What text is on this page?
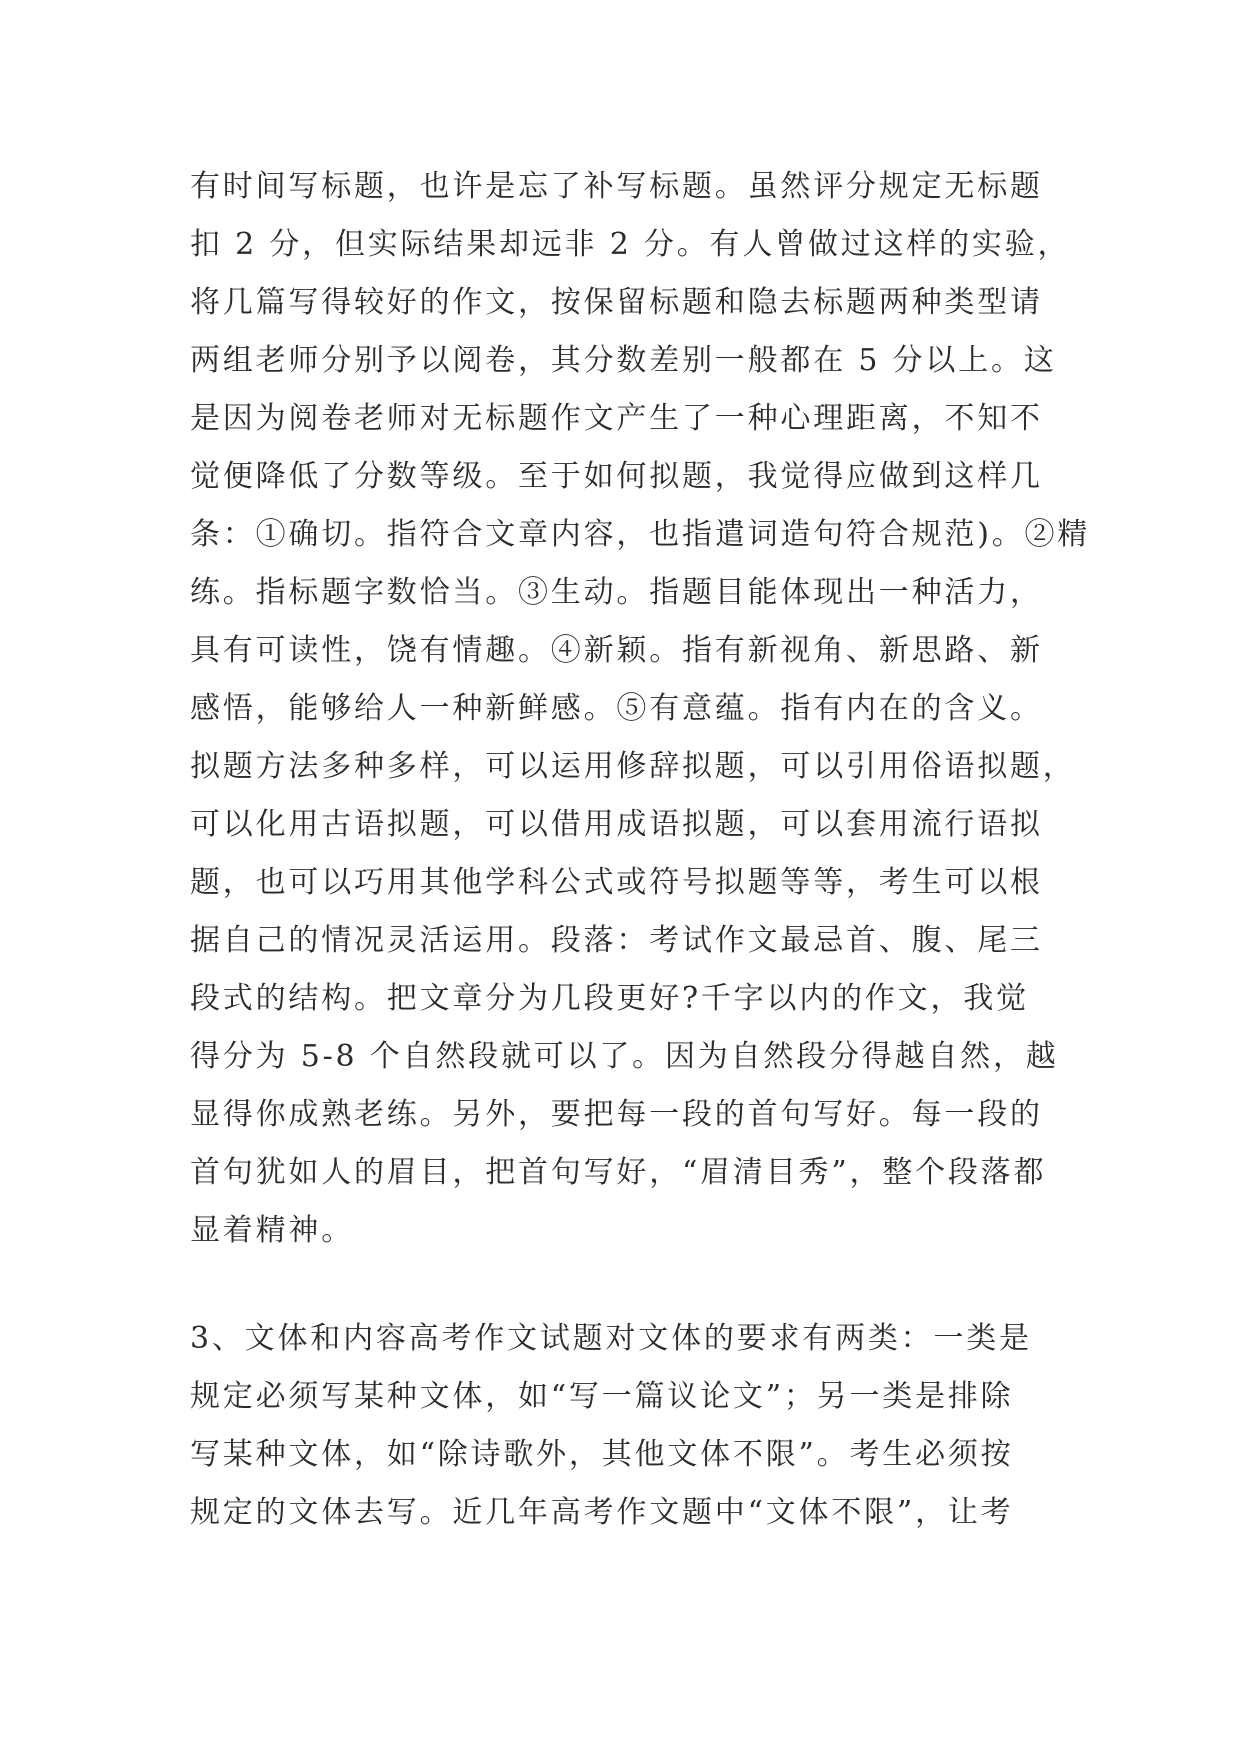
有时间写标题，也许是忘了补写标题。虽然评分规定无标题
扣 2 分，但实际结果却远非 2 分。有人曾做过这样的实验，
将几篇写得较好的作文，按保留标题和隐去标题两种类型请
两组老师分别予以阅卷，其分数差别一般都在 5 分以上。这
是因为阅卷老师对无标题作文产生了一种心理距离，不知不
觉便降低了分数等级。至于如何拟题，我觉得应做到这样几
条：①确切。指符合文章内容，也指遣词造句符合规范)。②精
练。指标题字数恰当。③生动。指题目能体现出一种活力，
具有可读性，饶有情趣。④新颖。指有新视角、新思路、新
感悟，能够给人一种新鲜感。⑤有意蕴。指有内在的含义。
拟题方法多种多样，可以运用修辞拟题，可以引用俗语拟题，
可以化用古语拟题，可以借用成语拟题，可以套用流行语拟
题，也可以巧用其他学科公式或符号拟题等等，考生可以根
据自己的情况灵活运用。段落：考试作文最忌首、腹、尾三
段式的结构。把文章分为几段更好?千字以内的作文，我觉
得分为 5-8 个自然段就可以了。因为自然段分得越自然，越
显得你成熟老练。另外，要把每一段的首句写好。每一段的
首句犹如人的眉目，把首句写好，“眉清目秀”，整个段落都
显着精神。
3、文体和内容高考作文试题对文体的要求有两类：一类是
规定必须写某种文体，如“写一篇议论文”；另一类是排除
写某种文体，如“除诗歌外，其他文体不限”。考生必须按
规定的文体去写。近几年高考作文题中“文体不限”，让考
